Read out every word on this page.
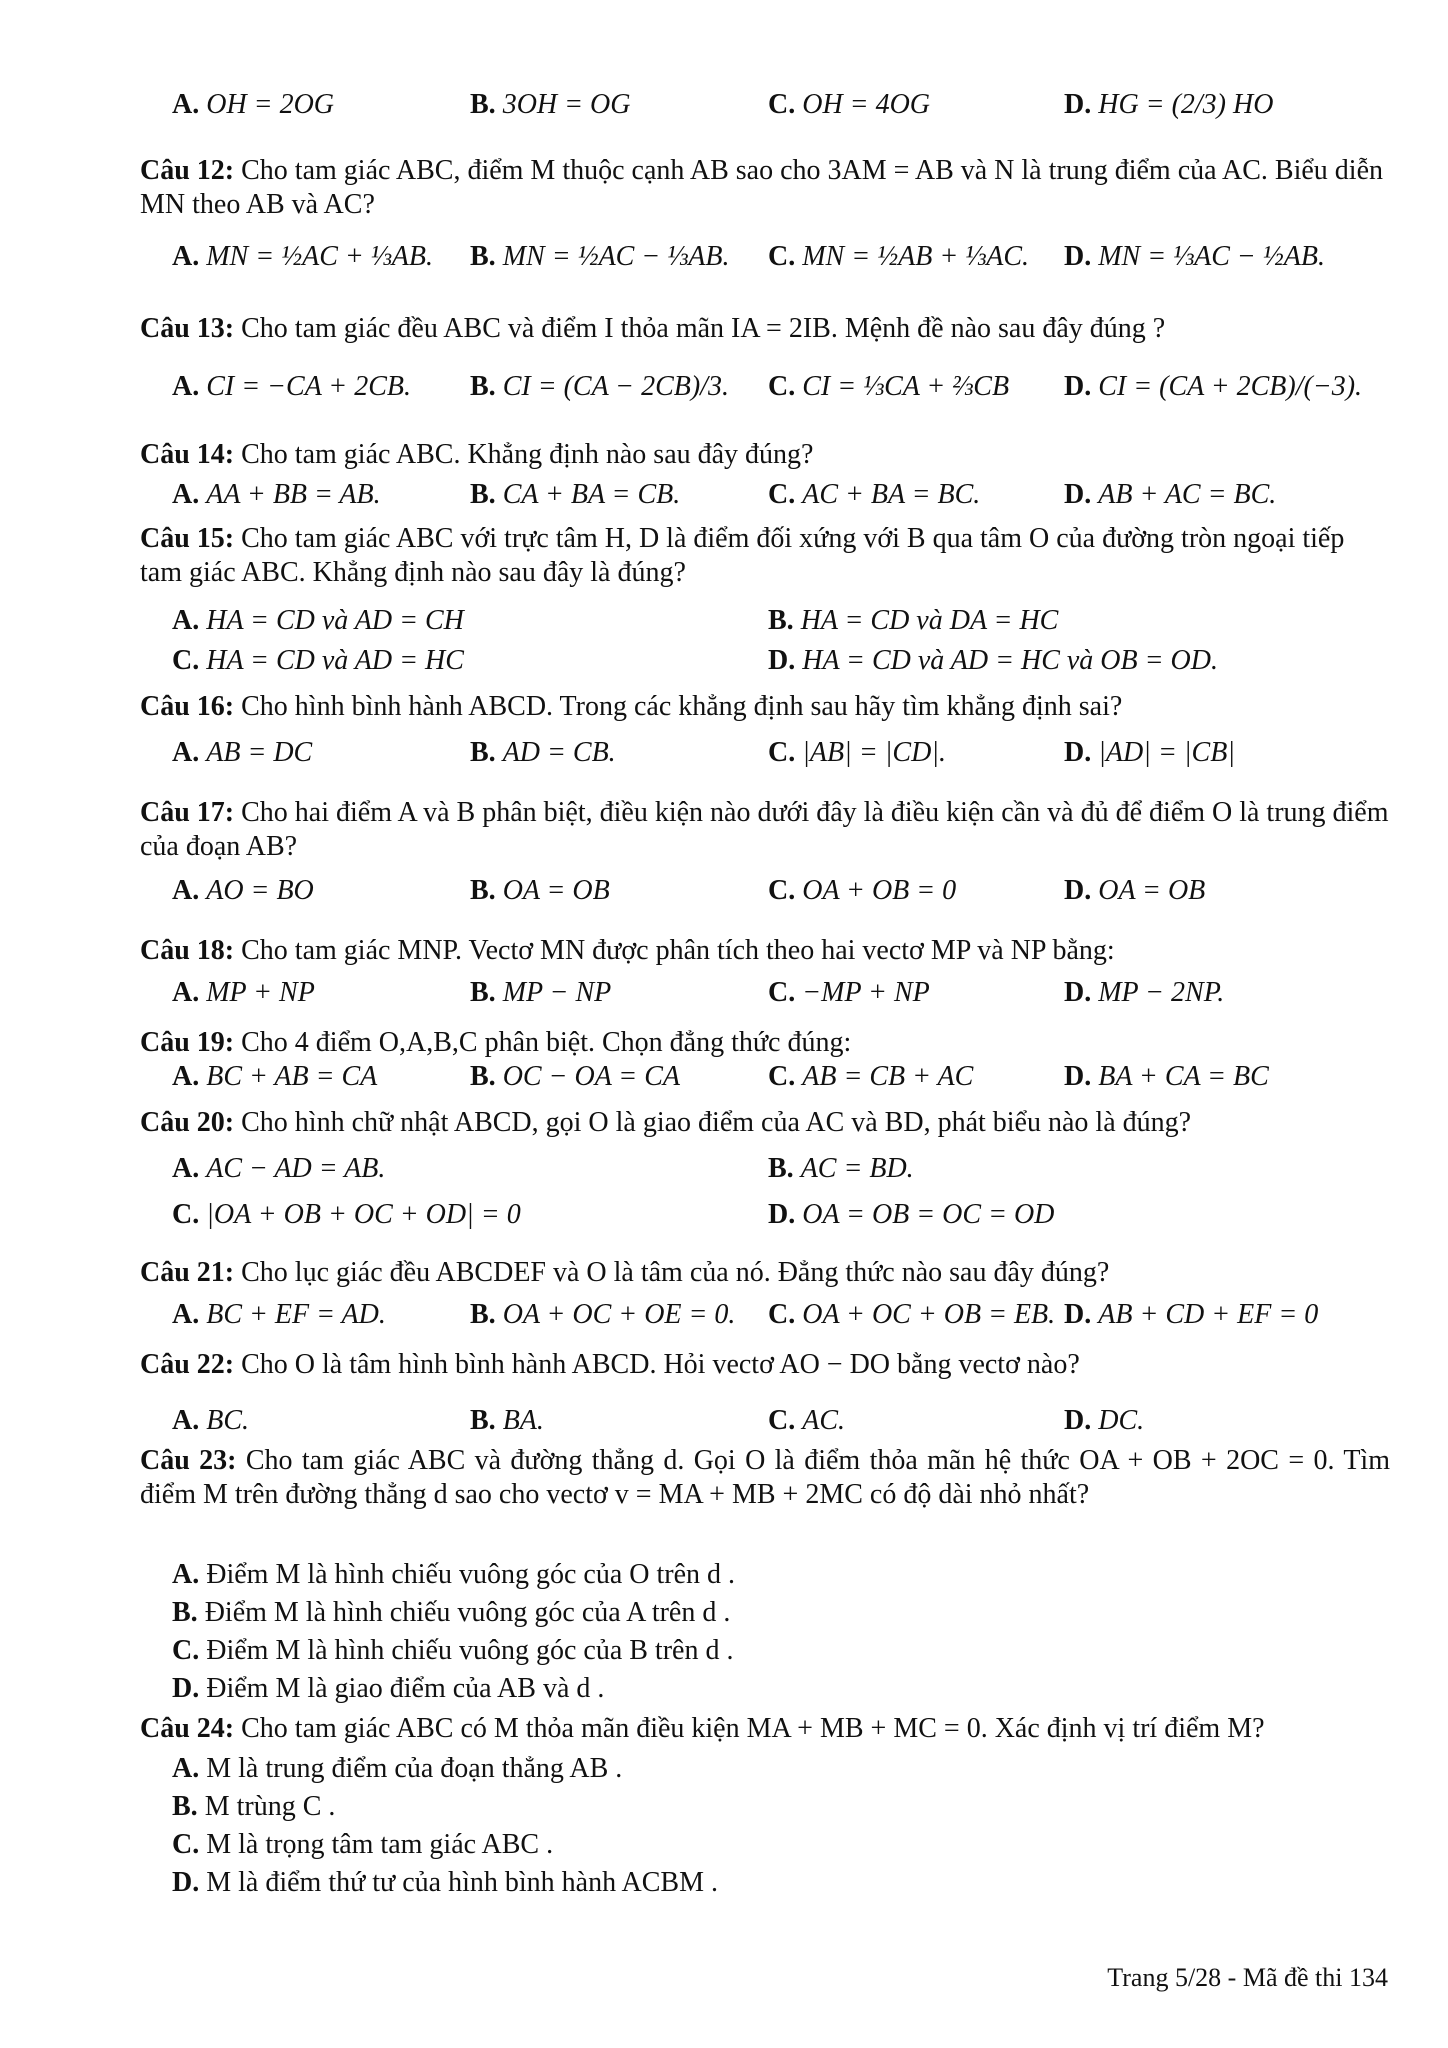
A. OH = 2OG	B. 3OH = OG	C. OH = 4OG	D. HG = (2/3) HO
Câu 12: Cho tam giác ABC, điểm M thuộc cạnh AB sao cho 3AM = AB và N là trung điểm của AC. Biểu diễn MN theo AB và AC?
A. MN = ½AC + ⅓AB. B. MN = ½AC − ⅓AB. C. MN = ½AB + ⅓AC. D. MN = ⅓AC − ½AB.
Câu 13: Cho tam giác đều ABC và điểm I thỏa mãn IA = 2IB. Mệnh đề nào sau đây đúng ?
A. CI = −CA + 2CB. B. CI = (CA − 2CB)/3. C. CI = ⅓CA + ⅔CB D. CI = (CA + 2CB)/(−3).
Câu 14: Cho tam giác ABC. Khẳng định nào sau đây đúng?
A. AA + BB = AB.	B. CA + BA = CB.	C. AC + BA = BC.	D. AB + AC = BC.
Câu 15: Cho tam giác ABC với trực tâm H, D là điểm đối xứng với B qua tâm O của đường tròn ngoại tiếp tam giác ABC. Khẳng định nào sau đây là đúng?
A. HA = CD và AD = CH	B. HA = CD và DA = HC
C. HA = CD và AD = HC	D. HA = CD và AD = HC và OB = OD.
Câu 16: Cho hình bình hành ABCD. Trong các khẳng định sau hãy tìm khẳng định sai?
A. AB = DC	B. AD = CB.	C. |AB| = |CD|.	D. |AD| = |CB|
Câu 17: Cho hai điểm A và B phân biệt, điều kiện nào dưới đây là điều kiện cần và đủ để điểm O là trung điểm của đoạn AB?
A. AO = BO	B. OA = OB	C. OA + OB = 0	D. OA = OB
Câu 18: Cho tam giác MNP. Vectơ MN được phân tích theo hai vectơ MP và NP bằng:
A. MP + NP	B. MP − NP	C. −MP + NP	D. MP − 2NP.
Câu 19: Cho 4 điểm O,A,B,C phân biệt. Chọn đẳng thức đúng:
A. BC + AB = CA	B. OC − OA = CA	C. AB = CB + AC	D. BA + CA = BC
Câu 20: Cho hình chữ nhật ABCD, gọi O là giao điểm của AC và BD, phát biểu nào là đúng?
A. AC − AD = AB.	B. AC = BD.
C. |OA + OB + OC + OD| = 0	D. OA = OB = OC = OD
Câu 21: Cho lục giác đều ABCDEF và O là tâm của nó. Đẳng thức nào sau đây đúng?
A. BC + EF = AD.	B. OA + OC + OE = 0. C. OA + OC + OB = EB. D. AB + CD + EF = 0
Câu 22: Cho O là tâm hình bình hành ABCD. Hỏi vectơ AO − DO bằng vectơ nào?
A. BC.	B. BA.	C. AC.	D. DC.
Câu 23: Cho tam giác ABC và đường thẳng d. Gọi O là điểm thỏa mãn hệ thức OA + OB + 2OC = 0. Tìm điểm M trên đường thẳng d sao cho vectơ v = MA + MB + 2MC có độ dài nhỏ nhất?
A. Điểm M là hình chiếu vuông góc của O trên d .
B. Điểm M là hình chiếu vuông góc của A trên d .
C. Điểm M là hình chiếu vuông góc của B trên d .
D. Điểm M là giao điểm của AB và d .
Câu 24: Cho tam giác ABC có M thỏa mãn điều kiện MA + MB + MC = 0. Xác định vị trí điểm M?
A. M là trung điểm của đoạn thẳng AB .
B. M trùng C .
C. M là trọng tâm tam giác ABC .
D. M là điểm thứ tư của hình bình hành ACBM .
Trang 5/28 - Mã đề thi 134
